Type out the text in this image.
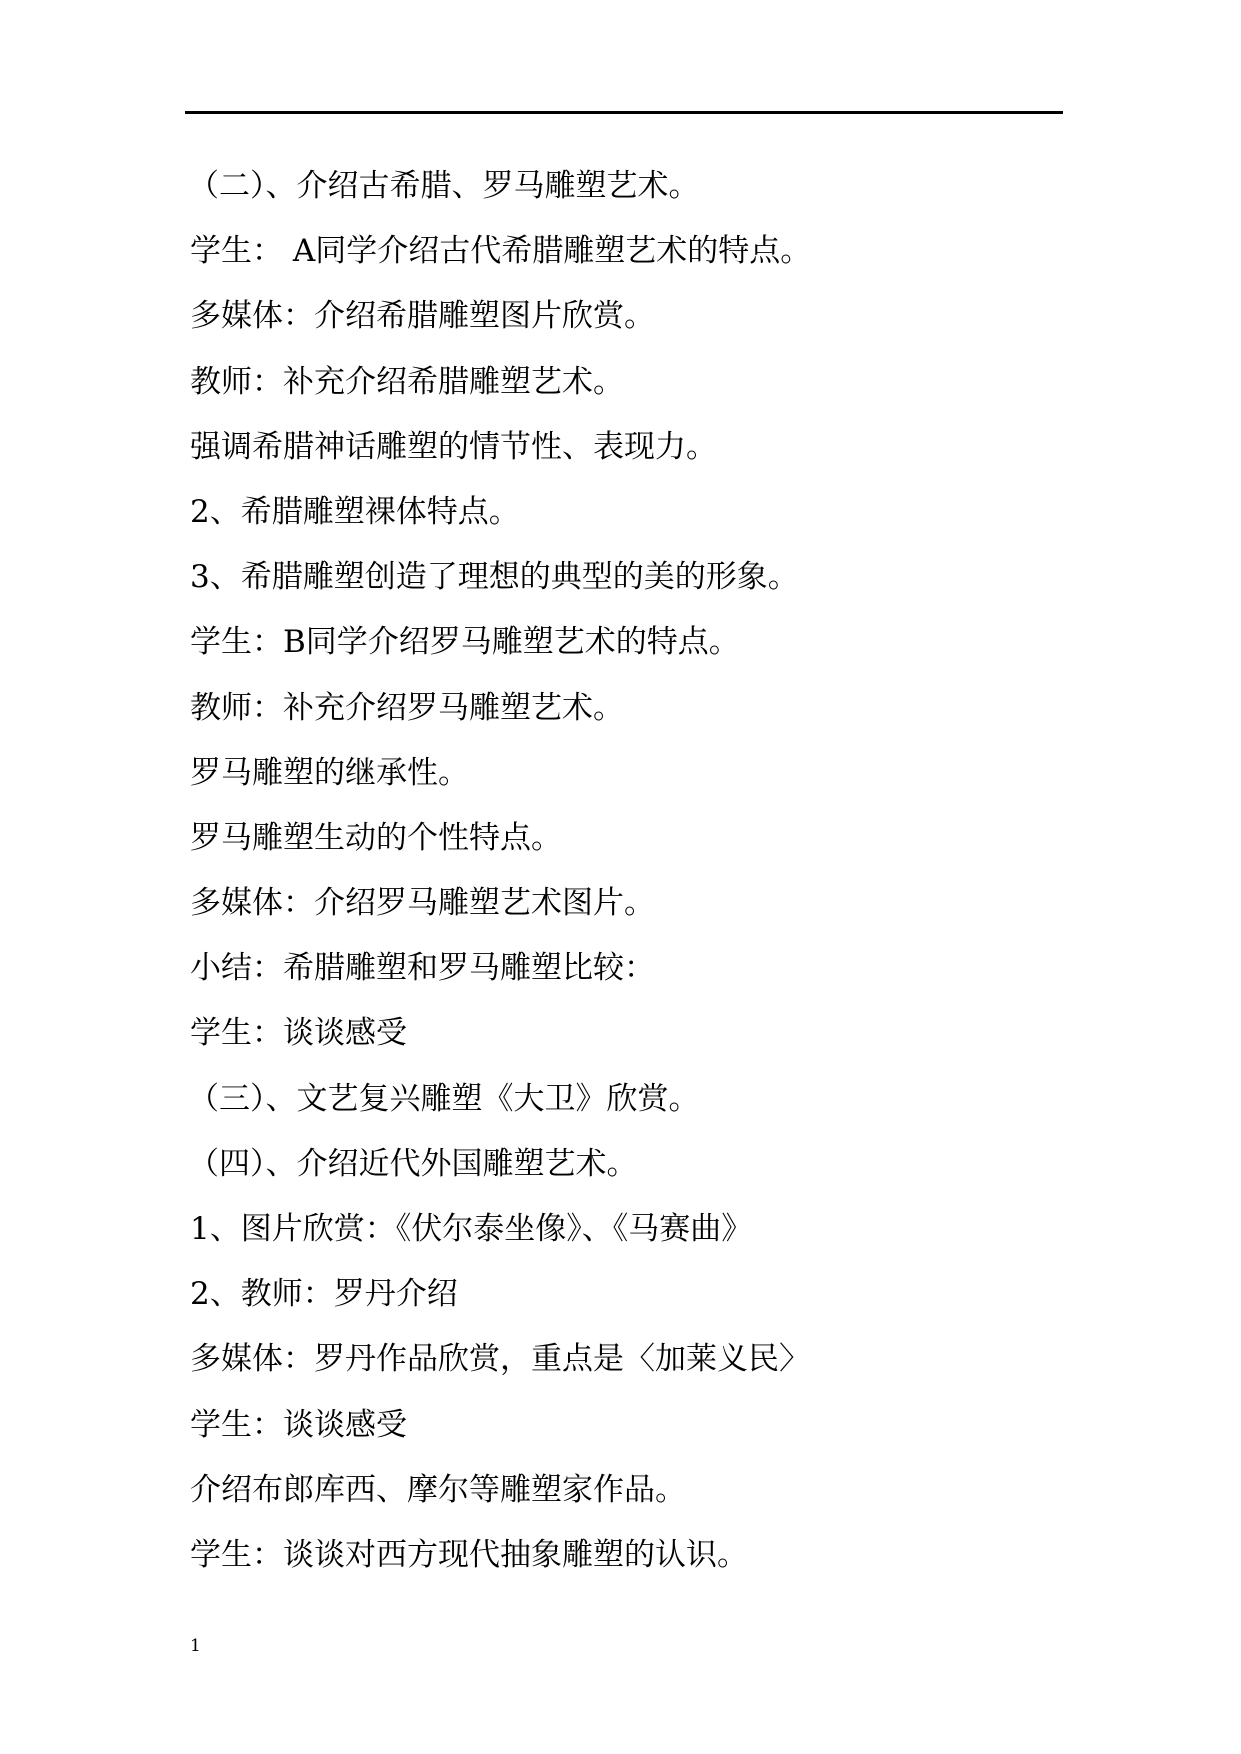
（二）、介绍古希腊、罗马雕塑艺术。
学生： A同学介绍古代希腊雕塑艺术的特点。
多媒体：介绍希腊雕塑图片欣赏。
教师：补充介绍希腊雕塑艺术。
强调希腊神话雕塑的情节性、表现力。
2、希腊雕塑裸体特点。
3、希腊雕塑创造了理想的典型的美的形象。
学生：B同学介绍罗马雕塑艺术的特点。
教师：补充介绍罗马雕塑艺术。
罗马雕塑的继承性。
罗马雕塑生动的个性特点。
多媒体：介绍罗马雕塑艺术图片。
小结：希腊雕塑和罗马雕塑比较：
学生：谈谈感受
（三）、文艺复兴雕塑《大卫》欣赏。
（四）、介绍近代外国雕塑艺术。
1、图片欣赏：《伏尔泰坐像》、《马赛曲》
2、教师：罗丹介绍
多媒体：罗丹作品欣赏，重点是〈加莱义民〉
学生：谈谈感受
介绍布郎库西、摩尔等雕塑家作品。
学生：谈谈对西方现代抽象雕塑的认识。
1
